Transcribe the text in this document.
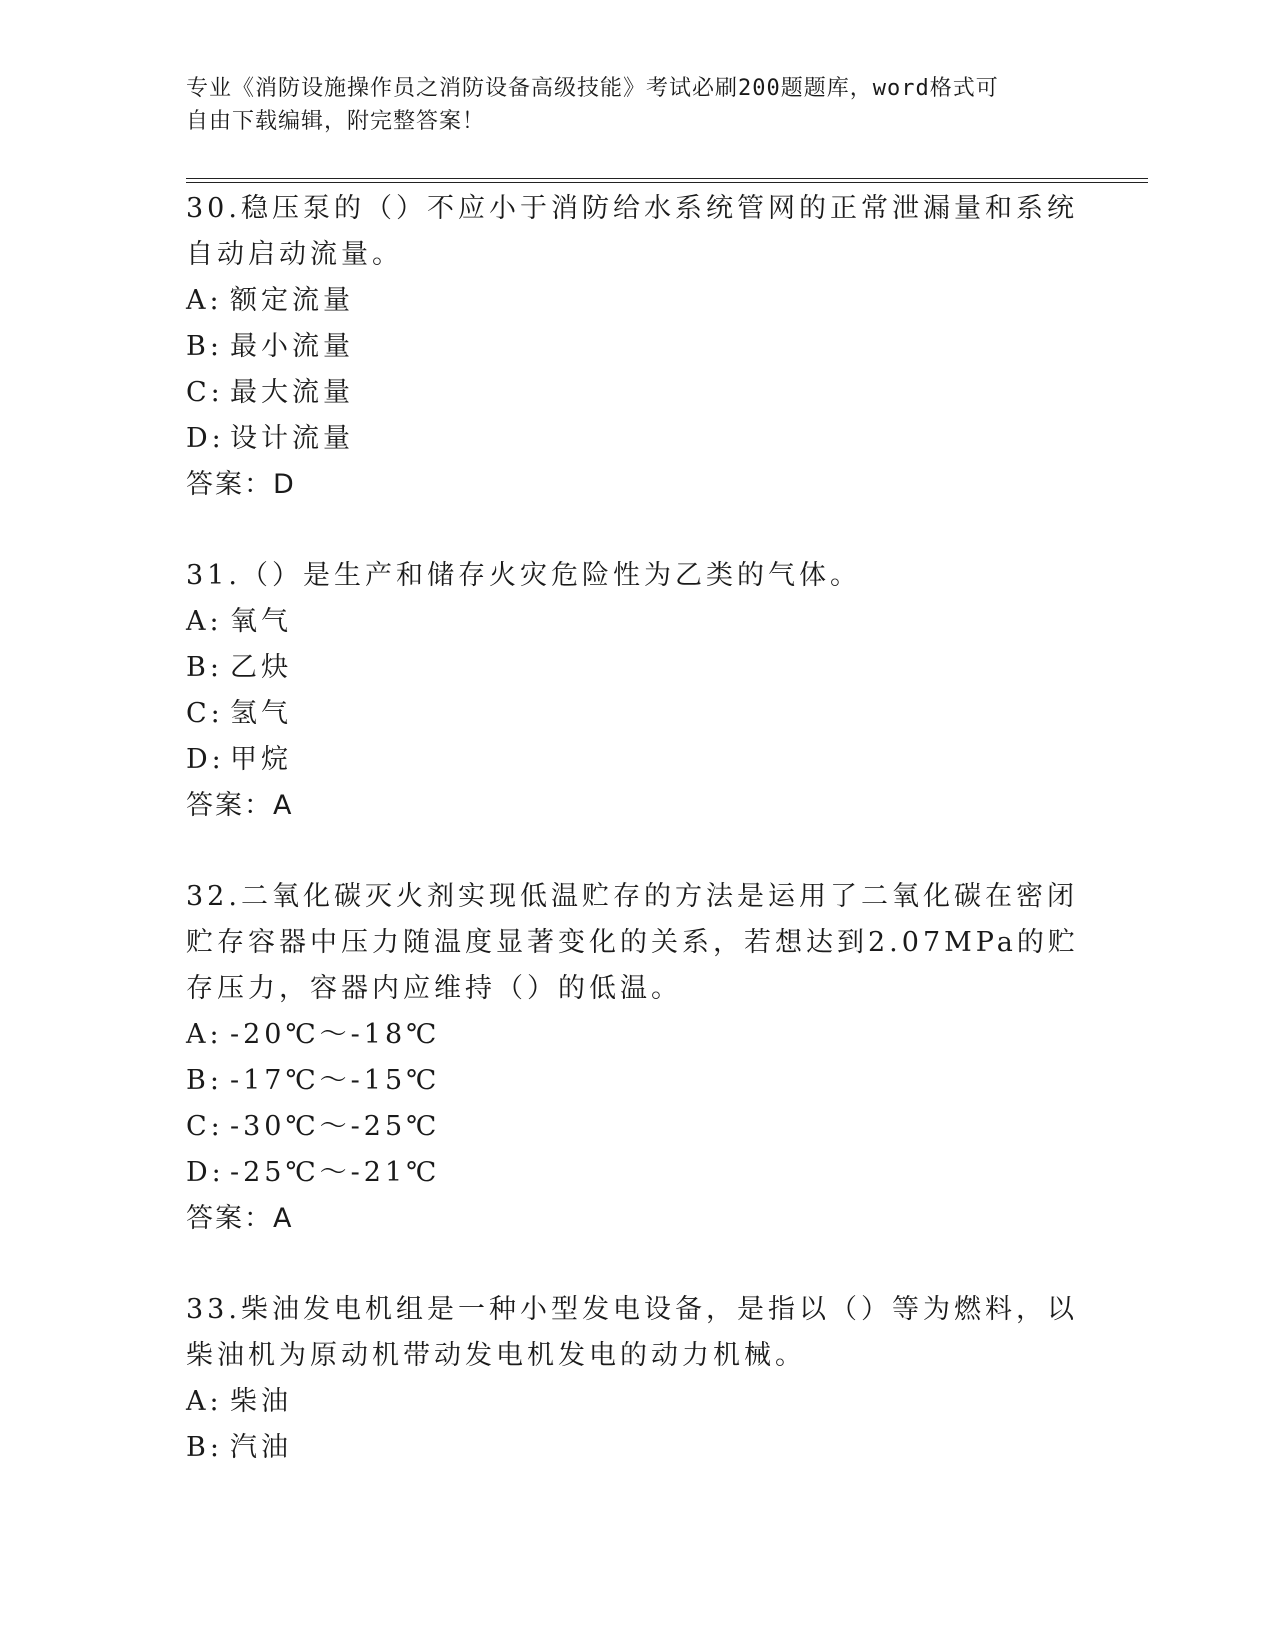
专业《消防设施操作员之消防设备高级技能》考试必刷200题题库，word格式可
自由下载编辑，附完整答案！
30.稳压泵的（）不应小于消防给水系统管网的正常泄漏量和系统自动启动流量。
A: 额定流量
B: 最小流量
C: 最大流量
D: 设计流量
答案：D
31.（）是生产和储存火灾危险性为乙类的气体。
A: 氧气
B: 乙炔
C: 氢气
D: 甲烷
答案：A
32.二氧化碳灭火剂实现低温贮存的方法是运用了二氧化碳在密闭贮存容器中压力随温度显著变化的关系，若想达到2.07MPa的贮存压力，容器内应维持（）的低温。
A: -20℃～-18℃
B: -17℃～-15℃
C: -30℃～-25℃
D: -25℃～-21℃
答案：A
33.柴油发电机组是一种小型发电设备，是指以（）等为燃料，以柴油机为原动机带动发电机发电的动力机械。
A: 柴油
B: 汽油
